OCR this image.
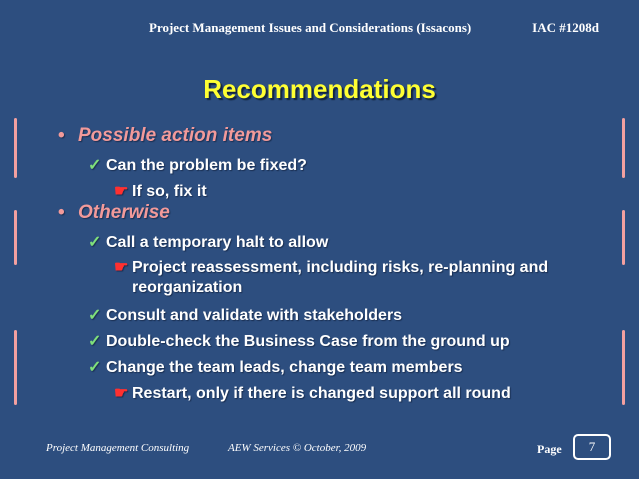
Project Management Issues and Considerations (Issacons)	IAC #1208d
Recommendations
• Possible action items
✓ Can the problem be fixed?
☛ If so, fix it
• Otherwise
✓ Call a temporary halt to allow
☛ Project reassessment, including risks, re-planning and reorganization
✓ Consult and validate with stakeholders
✓ Double-check the Business Case from the ground up
✓ Change the team leads, change team members
☛ Restart, only if there is changed support all round
Project Management Consulting	AEW Services © October, 2009	Page	7
